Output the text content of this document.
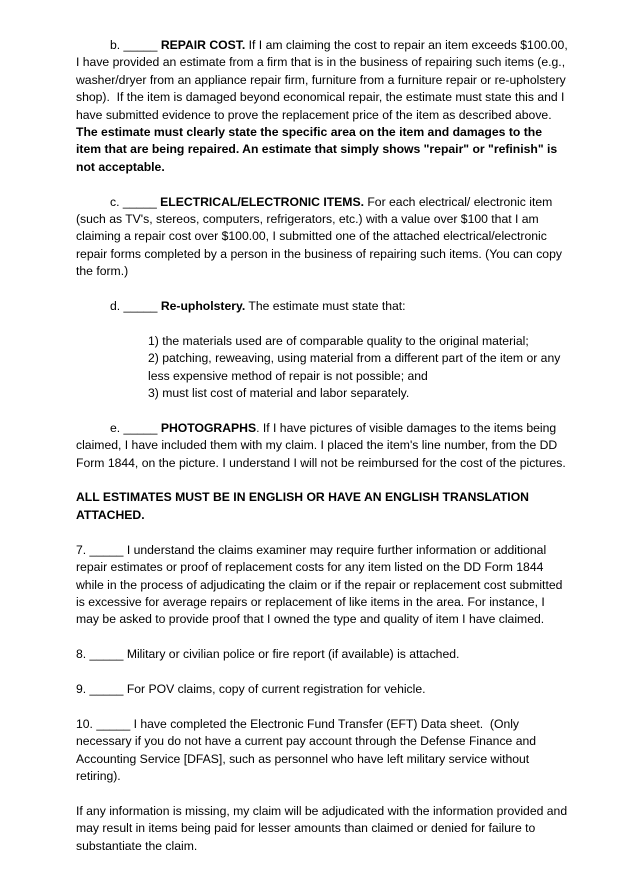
b. _____ REPAIR COST. If I am claiming the cost to repair an item exceeds $100.00, I have provided an estimate from a firm that is in the business of repairing such items (e.g., washer/dryer from an appliance repair firm, furniture from a furniture repair or re-upholstery shop).  If the item is damaged beyond economical repair, the estimate must state this and I have submitted evidence to prove the replacement price of the item as described above. The estimate must clearly state the specific area on the item and damages to the item that are being repaired. An estimate that simply shows "repair" or "refinish" is not acceptable.

c. _____ ELECTRICAL/ELECTRONIC ITEMS. For each electrical/ electronic item (such as TV's, stereos, computers, refrigerators, etc.) with a value over $100 that I am claiming a repair cost over $100.00, I submitted one of the attached electrical/electronic repair forms completed by a person in the business of repairing such items. (You can copy the form.)

d. _____ Re-upholstery. The estimate must state that:

1) the materials used are of comparable quality to the original material;
2) patching, reweaving, using material from a different part of the item or any less expensive method of repair is not possible; and
3) must list cost of material and labor separately.

e. _____ PHOTOGRAPHS. If I have pictures of visible damages to the items being claimed, I have included them with my claim. I placed the item's line number, from the DD Form 1844, on the picture. I understand I will not be reimbursed for the cost of the pictures.

ALL ESTIMATES MUST BE IN ENGLISH OR HAVE AN ENGLISH TRANSLATION ATTACHED.

7. _____ I understand the claims examiner may require further information or additional repair estimates or proof of replacement costs for any item listed on the DD Form 1844 while in the process of adjudicating the claim or if the repair or replacement cost submitted is excessive for average repairs or replacement of like items in the area. For instance, I may be asked to provide proof that I owned the type and quality of item I have claimed.

8. _____ Military or civilian police or fire report (if available) is attached.

9. _____ For POV claims, copy of current registration for vehicle.

10. _____ I have completed the Electronic Fund Transfer (EFT) Data sheet.  (Only necessary if you do not have a current pay account through the Defense Finance and Accounting Service [DFAS], such as personnel who have left military service without retiring).

If any information is missing, my claim will be adjudicated with the information provided and may result in items being paid for lesser amounts than claimed or denied for failure to substantiate the claim.
